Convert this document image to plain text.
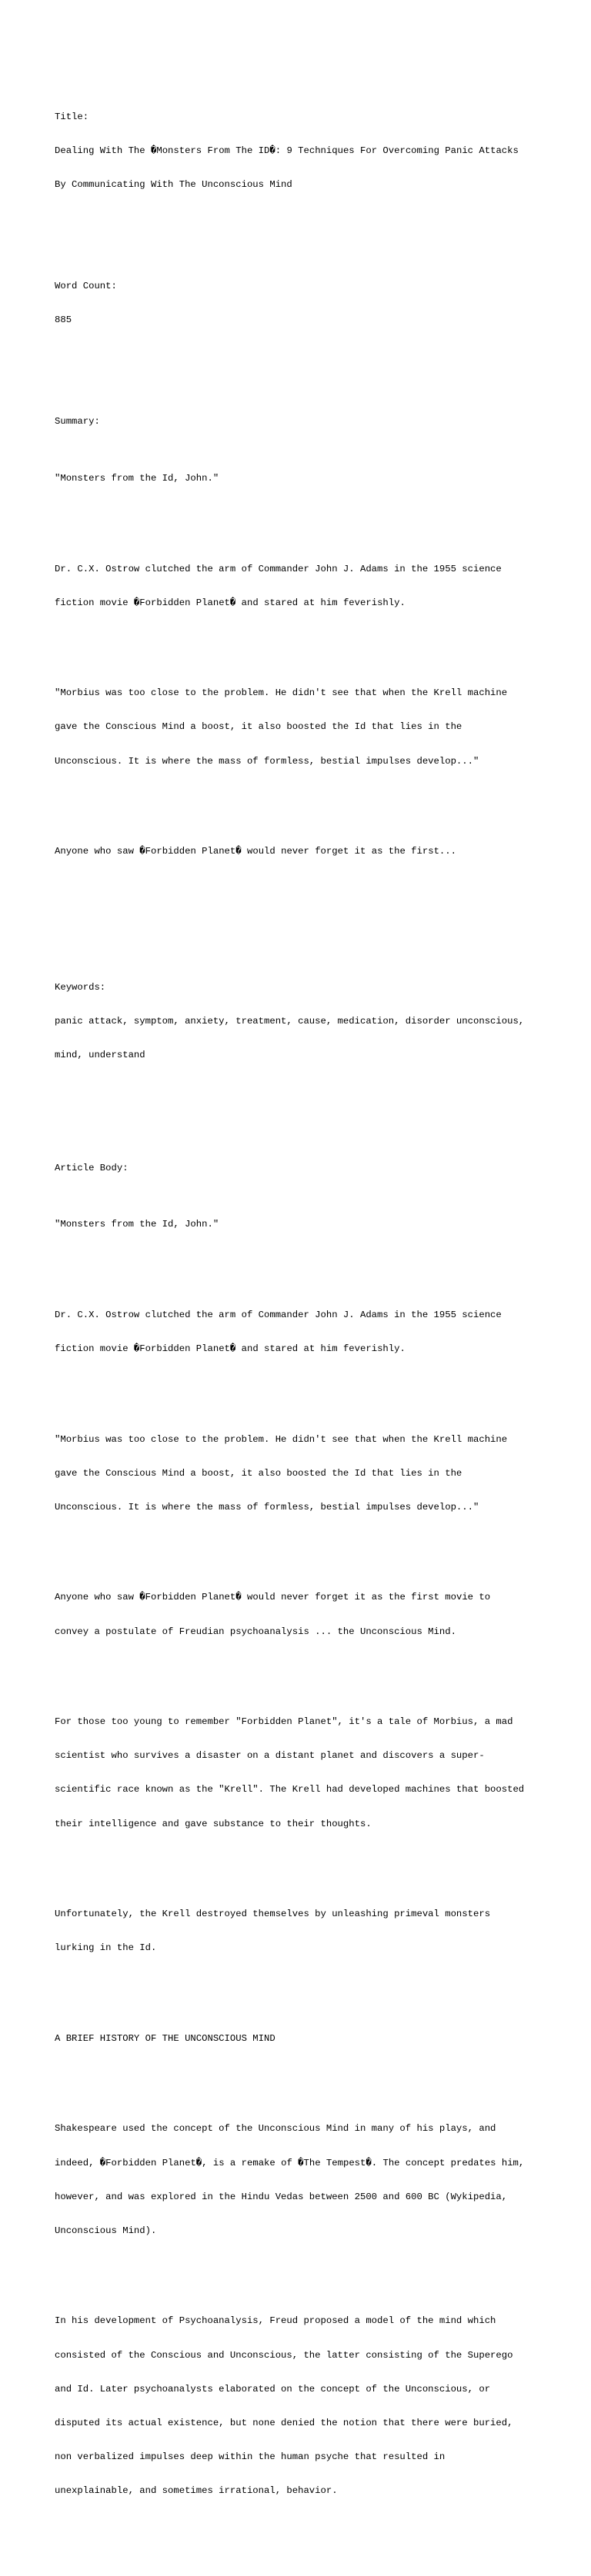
Title:

Dealing With The �Monsters From The ID�: 9 Techniques For Overcoming Panic Attacks

By Communicating With The Unconscious Mind

Word Count:

885

Summary:

"Monsters from the Id, John."

Dr. C.X. Ostrow clutched the arm of Commander John J. Adams in the 1955 science

fiction movie �Forbidden Planet� and stared at him feverishly.

"Morbius was too close to the problem. He didn't see that when the Krell machine

gave the Conscious Mind a boost, it also boosted the Id that lies in the

Unconscious. It is where the mass of formless, bestial impulses develop..."

Anyone who saw �Forbidden Planet� would never forget it as the first...

Keywords:

panic attack, symptom, anxiety, treatment, cause, medication, disorder unconscious,

mind, understand

Article Body:

"Monsters from the Id, John."

Dr. C.X. Ostrow clutched the arm of Commander John J. Adams in the 1955 science

fiction movie �Forbidden Planet� and stared at him feverishly.

"Morbius was too close to the problem. He didn't see that when the Krell machine

gave the Conscious Mind a boost, it also boosted the Id that lies in the

Unconscious. It is where the mass of formless, bestial impulses develop..."

Anyone who saw �Forbidden Planet� would never forget it as the first movie to

convey a postulate of Freudian psychoanalysis ... the Unconscious Mind.

For those too young to remember "Forbidden Planet", it's a tale of Morbius, a mad

scientist who survives a disaster on a distant planet and discovers a super-

scientific race known as the "Krell". The Krell had developed machines that boosted

their intelligence and gave substance to their thoughts.

Unfortunately, the Krell destroyed themselves by unleashing primeval monsters

lurking in the Id.

A BRIEF HISTORY OF THE UNCONSCIOUS MIND

Shakespeare used the concept of the Unconscious Mind in many of his plays, and

indeed, �Forbidden Planet�, is a remake of �The Tempest�. The concept predates him,

however, and was explored in the Hindu Vedas between 2500 and 600 BC (Wykipedia,

Unconscious Mind).

In his development of Psychoanalysis, Freud proposed a model of the mind which

consisted of the Conscious and Unconscious, the latter consisting of the Superego

and Id. Later psychoanalysts elaborated on the concept of the Unconscious, or

disputed its actual existence, but none denied the notion that there were buried,

non verbalized impulses deep within the human psyche that resulted in

unexplainable, and sometimes irrational, behavior.
